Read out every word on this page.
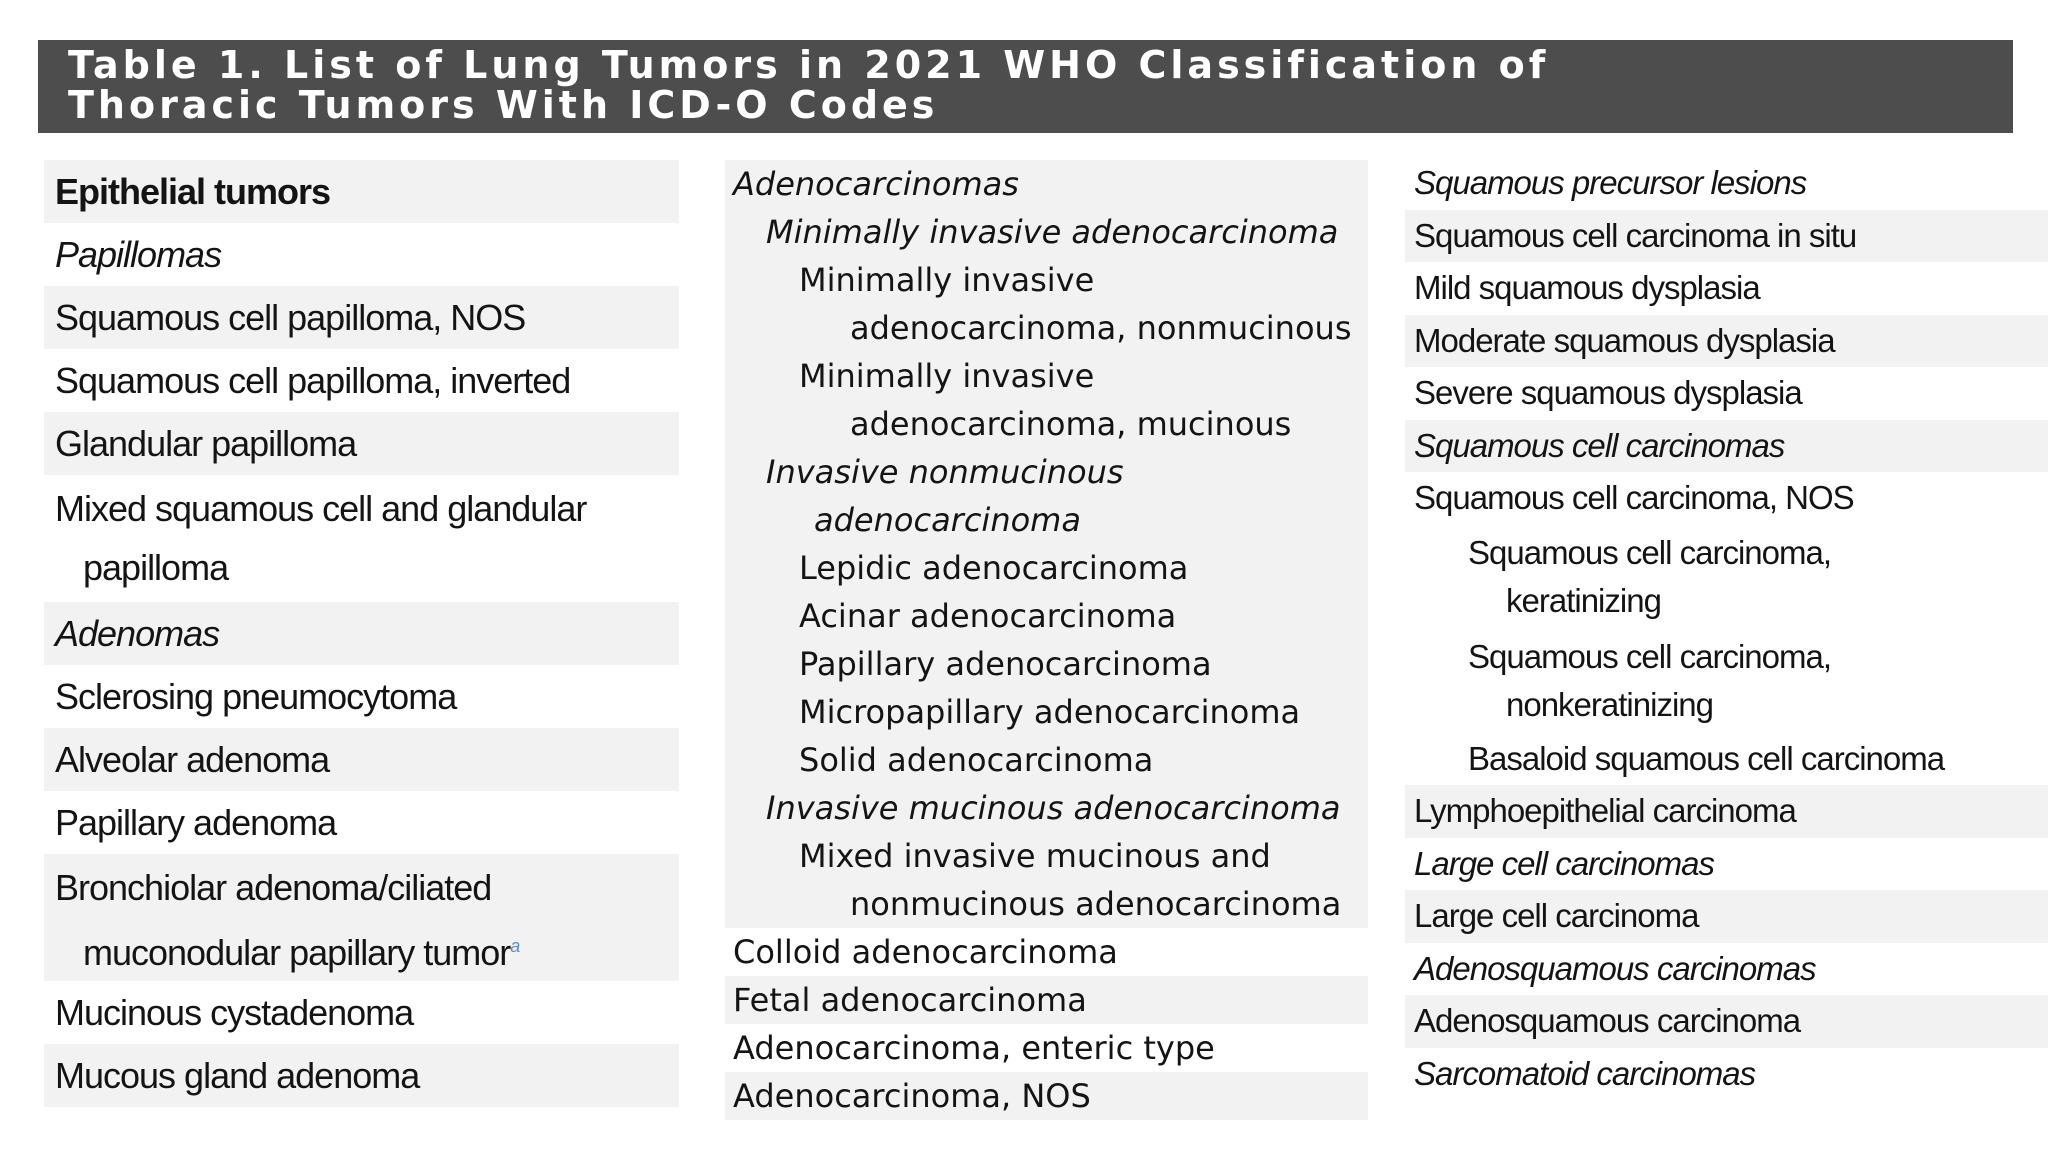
Table 1. List of Lung Tumors in 2021 WHO Classification of
Thoracic Tumors With ICD-O Codes
Epithelial tumors
Papillomas
Squamous cell papilloma, NOS
Squamous cell papilloma, inverted
Glandular papilloma
Mixed squamous cell and glandular
papilloma
Adenomas
Sclerosing pneumocytoma
Alveolar adenoma
Papillary adenoma
Bronchiolar adenoma/ciliated
muconodular papillary tumor$^a$
Mucinous cystadenoma
Mucous gland adenoma
Adenocarcinomas
Minimally invasive adenocarcinoma
Minimally invasive
adenocarcinoma, nonmucinous
Minimally invasive
adenocarcinoma, mucinous
Invasive nonmucinous
adenocarcinoma
Lepidic adenocarcinoma
Acinar adenocarcinoma
Papillary adenocarcinoma
Micropapillary adenocarcinoma
Solid adenocarcinoma
Invasive mucinous adenocarcinoma
Mixed invasive mucinous and
nonmucinous adenocarcinoma
Colloid adenocarcinoma
Fetal adenocarcinoma
Adenocarcinoma, enteric type
Adenocarcinoma, NOS
Squamous precursor lesions
Squamous cell carcinoma in situ
Mild squamous dysplasia
Moderate squamous dysplasia
Severe squamous dysplasia
Squamous cell carcinomas
Squamous cell carcinoma, NOS
Squamous cell carcinoma,
keratinizing
Squamous cell carcinoma,
nonkeratinizing
Basaloid squamous cell carcinoma
Lymphoepithelial carcinoma
Large cell carcinomas
Large cell carcinoma
Adenosquamous carcinomas
Adenosquamous carcinoma
Sarcomatoid carcinomas
